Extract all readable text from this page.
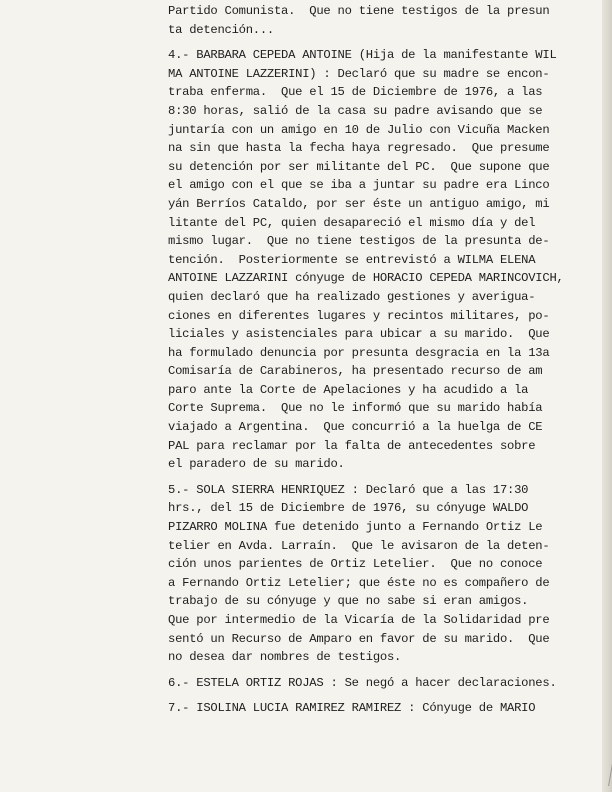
Partido Comunista.  Que no tiene testigos de la presun
ta detención...
4.- BARBARA CEPEDA ANTOINE (Hija de la manifestante WIL
MA ANTOINE LAZZERINI) : Declaró que su madre se encon-
traba enferma.  Que el 15 de Diciembre de 1976, a las
8:30 horas, salió de la casa su padre avisando que se
juntaría con un amigo en 10 de Julio con Vicuña Macken
na sin que hasta la fecha haya regresado.  Que presume
su detención por ser militante del PC.  Que supone que
el amigo con el que se iba a juntar su padre era Linco
yán Berríos Cataldo, por ser éste un antiguo amigo, mi
litante del PC, quien desapareció el mismo día y del
mismo lugar.  Que no tiene testigos de la presunta de-
tención.  Posteriormente se entrevistó a WILMA ELENA
ANTOINE LAZZARINI cónyuge de HORACIO CEPEDA MARINCOVICH,
quien declaró que ha realizado gestiones y averigua-
ciones en diferentes lugares y recintos militares, po-
liciales y asistenciales para ubicar a su marido.  Que
ha formulado denuncia por presunta desgracia en la 13a
Comisaría de Carabineros, ha presentado recurso de am
paro ante la Corte de Apelaciones y ha acudido a la
Corte Suprema.  Que no le informó que su marido había
viajado a Argentina.  Que concurrió a la huelga de CE
PAL para reclamar por la falta de antecedentes sobre
el paradero de su marido.
5.- SOLA SIERRA HENRIQUEZ : Declaró que a las 17:30
hrs., del 15 de Diciembre de 1976, su cónyuge WALDO
PIZARRO MOLINA fue detenido junto a Fernando Ortiz Le
telier en Avda. Larraín.  Que le avisaron de la deten-
ción unos parientes de Ortiz Letelier.  Que no conoce
a Fernando Ortiz Letelier; que éste no es compañero de
trabajo de su cónyuge y que no sabe si eran amigos.
Que por intermedio de la Vicaría de la Solidaridad pre
sentó un Recurso de Amparo en favor de su marido.  Que
no desea dar nombres de testigos.
6.- ESTELA ORTIZ ROJAS : Se negó a hacer declaraciones.
7.- ISOLINA LUCIA RAMIREZ RAMIREZ : Cónyuge de MARIO
